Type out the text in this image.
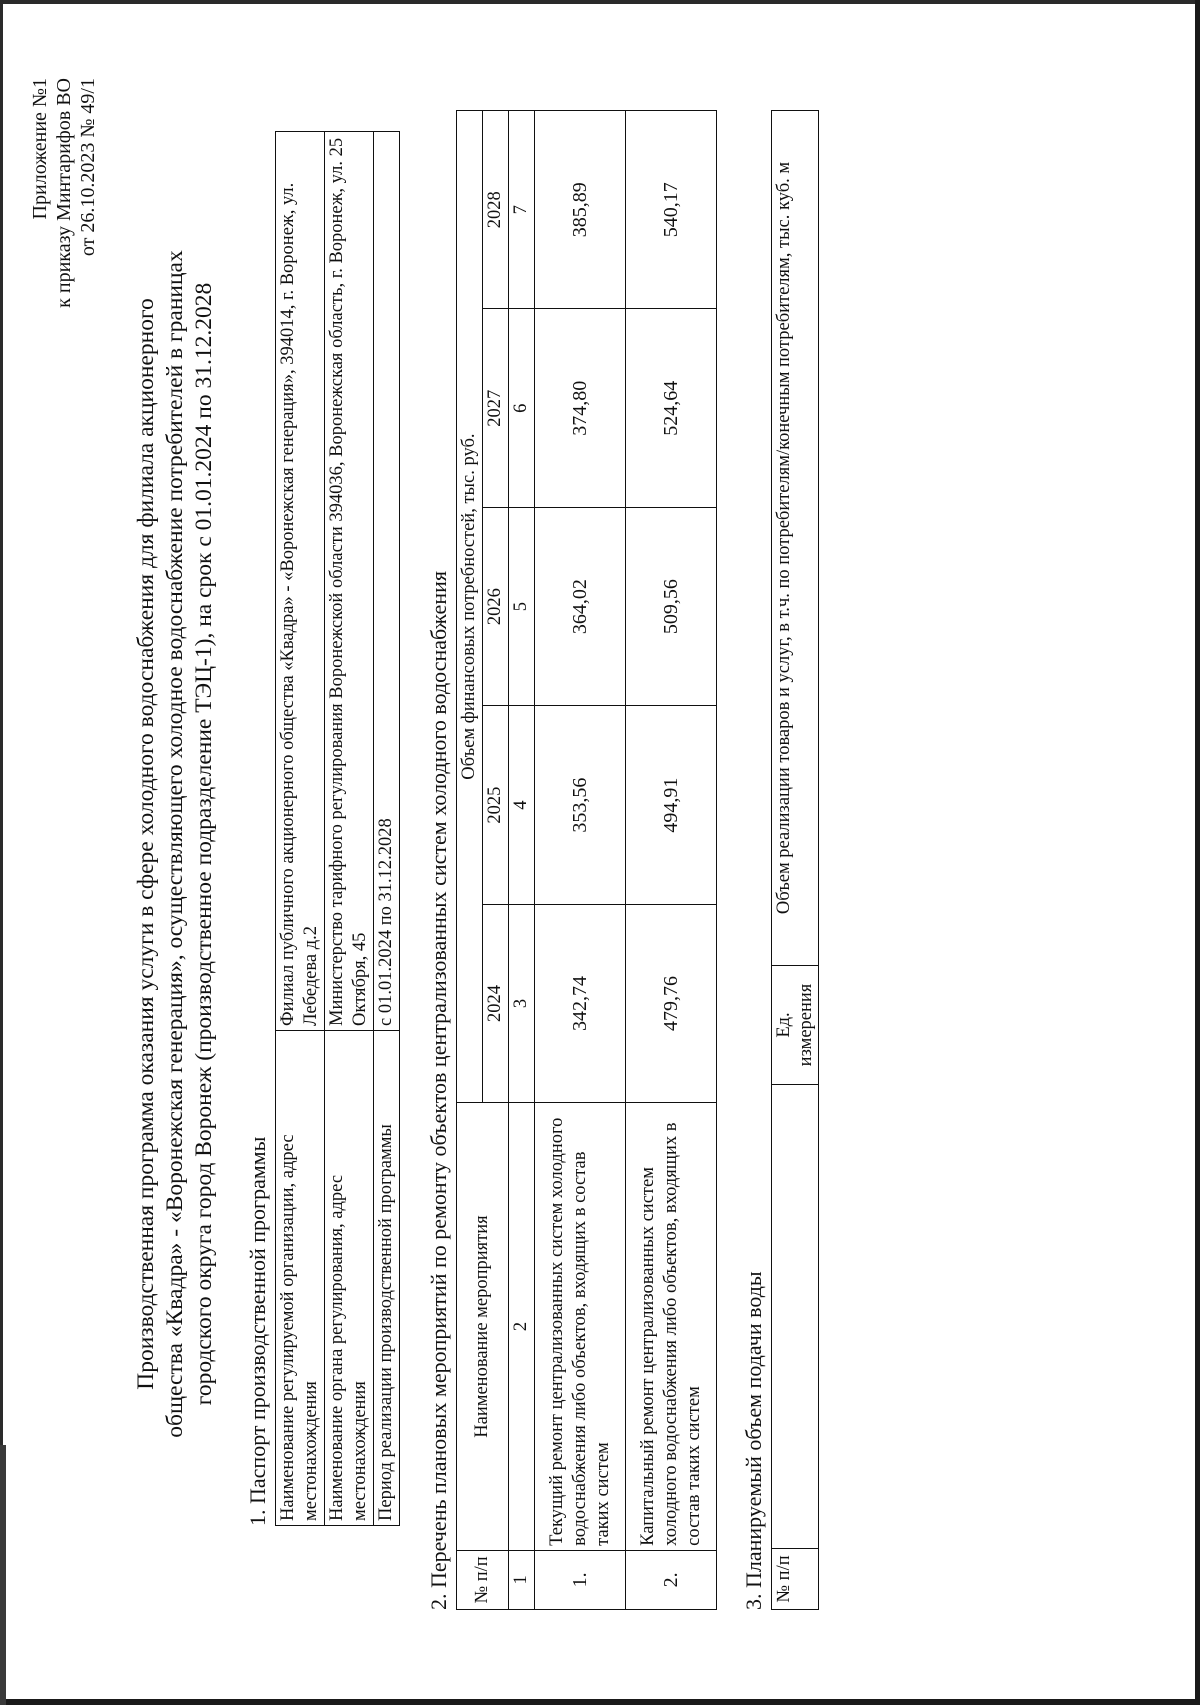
Приложение №1 к приказу Минтарифов ВО от 26.10.2023 № 49/1
Производственная программа оказания услуги в сфере холодного водоснабжения для филиала акционерного общества «Квадра» - «Воронежская генерация», осуществляющего холодное водоснабжение потребителей в границах городского округа город Воронеж (производственное подразделение ТЭЦ-1), на срок с 01.01.2024 по 31.12.2028 1. Паспорт производственной программы Наименование регулируемой организации, адрес местонахождения	Филиал публичного акционерного общества «Квадра» - «Воронежская генерация», 394014, г. Воронеж, ул. Лебедева д.2
Наименование органа регулирования, адрес местонахождения	Министерство тарифного регулирования Воронежской области 394036, Воронежская область, г. Воронеж, ул. 25 Октября, 45
Период реализации производственной программы	с 01.01.2024 по 31.12.2028 2. Перечень плановых мероприятий по ремонту объектов централизованных систем холодного водоснабжения № п/п	Наименование мероприятия	Объем финансовых потребностей, тыс. руб.				
		2024	2025	2026	2027	2028
1	2	3	4	5	6	7
1.	Текущий ремонт централизованных систем холодного водоснабжения либо объектов, входящих в состав таких систем	342,74	353,56	364,02	374,80	385,89
2.	Капитальный ремонт централизованных систем холодного водоснабжения либо объектов, входящих в состав таких систем	479,76	494,91	509,56	524,64	540,17
3. Планируемый объем подачи воды № п/п		Ед. измерения	Объем реализации товаров и услуг, в т.ч. по потребителям/конечным потребителям, тыс. куб. м
